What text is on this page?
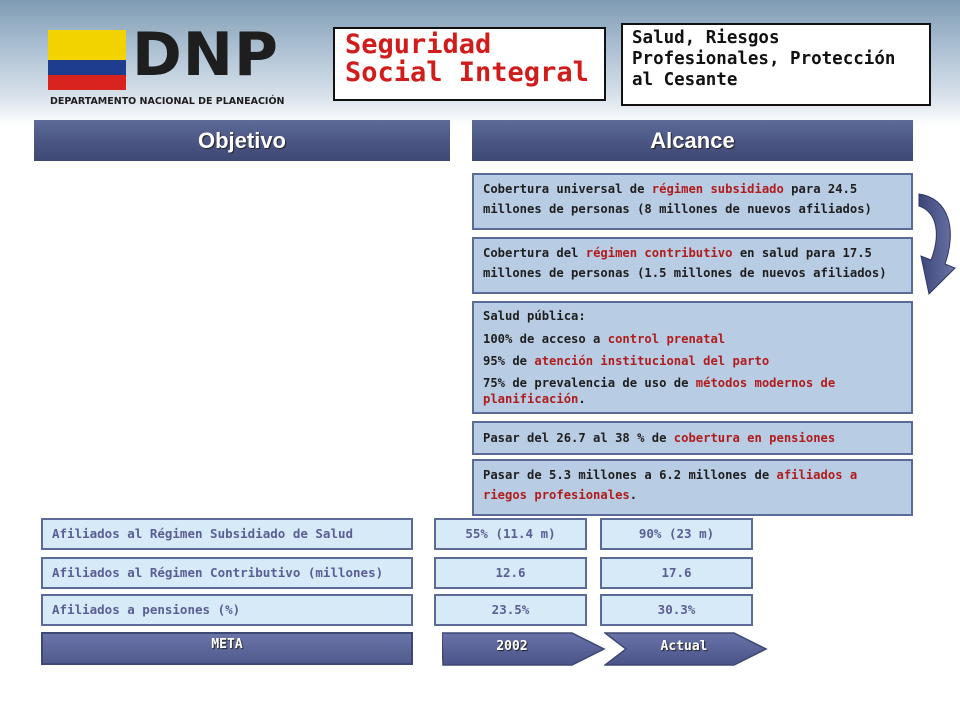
DNP
DEPARTAMENTO NACIONAL DE PLANEACIÓN
Seguridad Social Integral
Salud, Riesgos Profesionales, Protección al Cesante
Objetivo	Alcance

Cobertura universal de régimen subsidiado para 24.5 millones de personas (8 millones de nuevos afiliados)

Cobertura del régimen contributivo en salud para 17.5 millones de personas (1.5 millones de nuevos afiliados)

Salud pública:

100% de acceso a control prenatal

95% de atención institucional del parto

75% de prevalencia de uso de métodos modernos de planificación.

Pasar del 26.7 al 38 % de cobertura en pensiones

Pasar de 5.3 millones a 6.2 millones de afiliados a riegos profesionales.

Afiliados al Régimen Subsidiado de Salud	55% (11.4 m)	90% (23 m)
Afiliados al Régimen Contributivo (millones)	12.6	17.6
Afiliados a pensiones (%)	23.5%	30.3%
META	2002	Actual
